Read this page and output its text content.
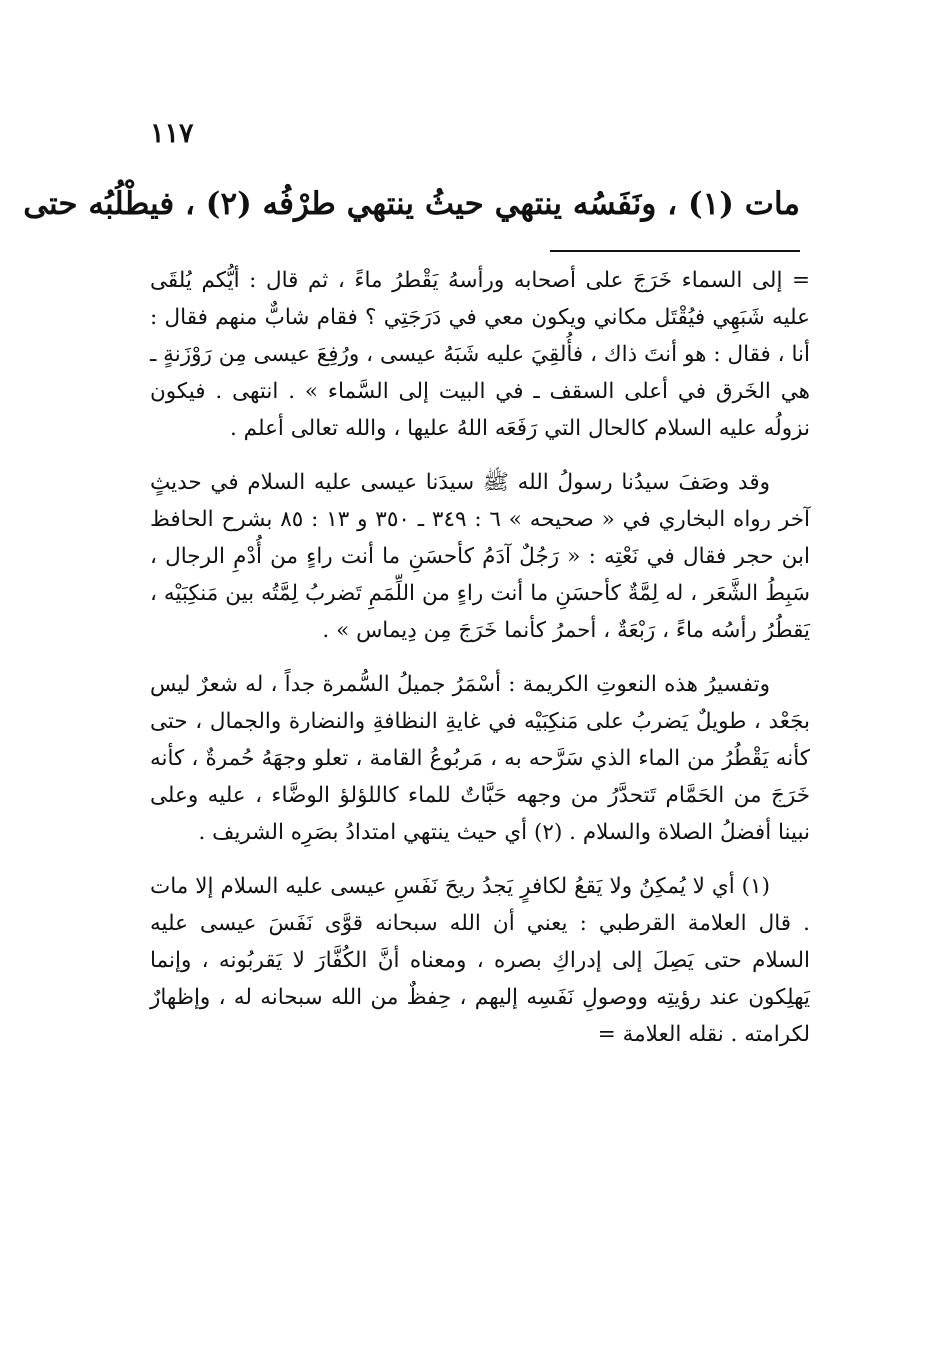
١١٧
مات (١) ، ونَفَسُه ينتهي حيثُ ينتهي طرْفُه (٢) ، فيطْلُبُه حتى

= إلى السماء خَرَجَ على أصحابه ورأسهُ يَقْطرُ ماءً ، ثم قال : أيُّكم يُلقَى عليه شَبَهِي فيُقْتَل مكاني ويكون معي في دَرَجَتِي ؟ فقام شابٌّ منهم فقال : أنا ، فقال : هو أنتَ ذاك ، فأُلقِيَ عليه شَبَهُ عيسى ، ورُفِعَ عيسى مِن رَوْزَنةٍ ـ هي الخَرق في أعلى السقف ـ في البيت إلى السَّماء » . انتهى . فيكون نزولُه عليه السلام كالحال التي رَفَعَه اللهُ عليها ، والله تعالى أعلم .

وقد وصَفَ سيدُنا رسولُ الله ﷺ سيدَنا عيسى عليه السلام في حديثٍ آخر رواه البخاري في « صحيحه » ٦ : ٣٤٩ ـ ٣٥٠ و ١٣ : ٨٥ بشرح الحافظ ابن حجر فقال في نَعْتِه : « رَجُلٌ آدَمُ كأحسَنِ ما أنت راءٍ من أُدْمِ الرجال ، سَبِطُ الشَّعَر ، له لِمَّةٌ كأحسَنِ ما أنت راءٍ من اللِّمَمِ تَضربُ لِمَّتُه بين مَنكِبَيْه ، يَقطُرُ رأسُه ماءً ، رَبْعَةٌ ، أحمرُ كأنما خَرَجَ مِن دِيماس » .

وتفسيرُ هذه النعوتِ الكريمة : أسْمَرُ جميلُ السُّمرة جداً ، له شعرٌ ليس بجَعْد ، طويلٌ يَضربُ على مَنكِبَيْه في غايةِ النظافةِ والنضارة والجمال ، حتى كأنه يَقْطُرُ من الماء الذي سَرَّحه به ، مَربُوعُ القامة ، تعلو وجهَهُ حُمرةٌ ، كأنه خَرَجَ من الحَمَّام تَتحدَّرُ من وجهه حَبَّاتٌ للماء كاللؤلؤ الوضَّاء ، عليه وعلى نبينا أفضلُ الصلاة والسلام . (٢) أي حيث ينتهي امتدادُ بصَرِه الشريف .

(١) أي لا يُمكِنُ ولا يَقعُ لكافرٍ يَجدُ ريحَ نَفَسِ عيسى عليه السلام إلا مات . قال العلامة القرطبي : يعني أن الله سبحانه قوَّى نَفَسَ عيسى عليه السلام حتى يَصِلَ إلى إدراكِ بصره ، ومعناه أنَّ الكُفَّارَ لا يَقربُونه ، وإنما يَهلِكون عند رؤيتِه ووصولِ نَفَسِه إليهم ، حِفظٌ من الله سبحانه له ، وإظهارٌ لكرامته . نقله العلامة =
